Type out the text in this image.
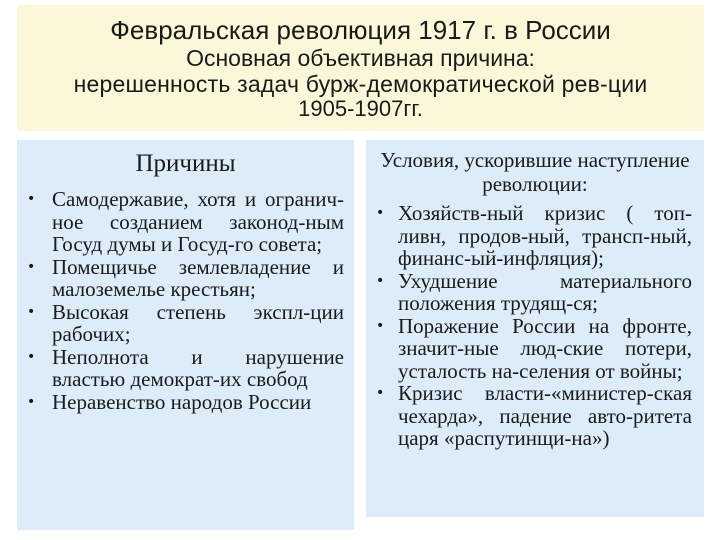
Февральская революция 1917 г. в России
Основная объективная причина:
нерешенность задач бурж-демократической рев-ции
1905-1907гг.
Причины
• Самодержавие, хотя и огранич-ное созданием законод-ным Госуд думы и Госуд-го совета;
• Помещичье землевладение и малоземелье крестьян;
• Высокая степень экспл-ции рабочих;
• Неполнота и нарушение властью демократ-их свобод
• Неравенство народов России
Условия, ускорившие наступление революции:
• Хозяйств-ный кризис ( топ-ливн, продов-ный, трансп-ный, финанс-ый-инфляция);
• Ухудшение материального положения трудящ-ся;
• Поражение России на фронте, значит-ные люд-ские потери, усталость на-селения от войны;
• Кризис власти-«министер-ская чехарда», падение авто-ритета царя «распутинщи-на»)
